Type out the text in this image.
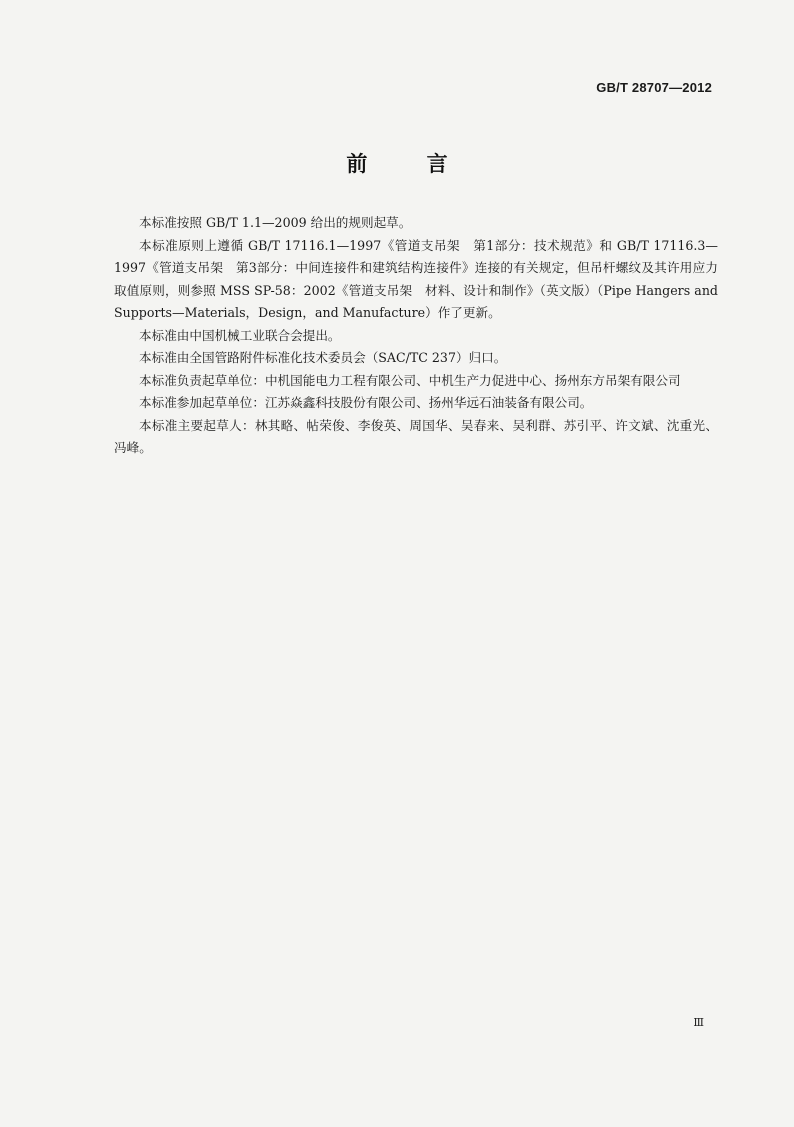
GB/T 28707—2012
前 言

本标准按照 GB/T 1.1—2009 给出的规则起草。

本标准原则上遵循 GB/T 17116.1—1997《管道支吊架　第1部分：技术规范》和 GB/T 17116.3—1997《管道支吊架　第3部分：中间连接件和建筑结构连接件》连接的有关规定，但吊杆螺纹及其许用应力取值原则，则参照 MSS SP-58：2002《管道支吊架　材料、设计和制作》（英文版）（Pipe Hangers and Supports—Materials，Design，and Manufacture）作了更新。

本标准由中国机械工业联合会提出。

本标准由全国管路附件标准化技术委员会（SAC/TC 237）归口。

本标准负责起草单位：中机国能电力工程有限公司、中机生产力促进中心、扬州东方吊架有限公司

本标准参加起草单位：江苏焱鑫科技股份有限公司、扬州华远石油装备有限公司。

本标准主要起草人：林其略、帖荣俊、李俊英、周国华、吴春来、吴利群、苏引平、许文斌、沈重光、冯峰。

Ⅲ
